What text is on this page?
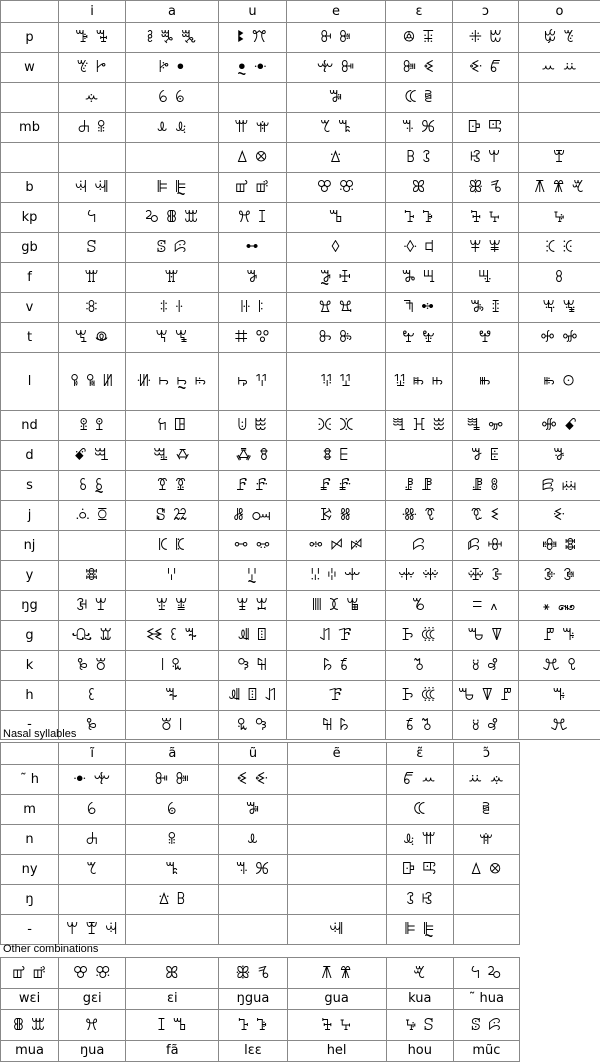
	i	a	u	e	ɛ	ɔ	o
p	ꔥ ꔦ	ꔧ ꔨ ꔩ	ꔪ ꔫ	ꔬ ꔭ	ꔮ ꔯ	ꔰ ꔱ	ꔲ ꔳ
w	ꔴ ꔵ	ꔶ ꔷ	ꔸ ꔹ	ꔺ ꔻ	ꔼ ꔽ	ꔾ ꔿ	ꕀ ꕁ
	ꕂ	ꕃ ꕄ		ꕅ	ꕆ ꕇ		
mb	ꕈ ꕉ	ꕊ ꕋ	ꕌ ꕍ	ꕎ ꕏ	ꕐ ꕑ	ꕒ ꕓ	
			ꕔ ꕕ	ꕖ	ꕗ ꕘ	ꕙ ꕚ	ꕛ
b	ꕜ ꕝ	ꕞ ꕟ	ꕠ ꕡ	ꕢ ꕣ	ꕤ	ꕥ ꕦ	ꕧ ꕨ ꕩ
kp	ꕪ	ꕫ ꕬ ꕭ	ꕮ ꕯ	ꕰ	ꕱ ꕲ	ꕳ ꕴ	ꕵ
gb	ꕶ	ꕷ ꕸ	ꕹ	ꕺ	ꕻ ꕼ	ꕽ ꕾ	ꕿ ꖀ
f	ꖁ	ꖂ	ꖃ	ꖄ ꖅ	ꖆ ꖇ	ꖈ	ꖉ
v	ꖊ	ꖋ ꖌ	ꖍ ꖎ	ꖏ ꖐ	ꖑ ꖒ	ꖓ ꖔ	ꖕ ꖖ
t	ꖗ ꖘ	ꖙ ꖚ	ꖛ ꖜ	ꖝ ꖞ	ꖟ ꖠ	ꖡ	ꖢ ꖣ
l	ꖤ ꖥ ꖦ	ꖧ ꖨ ꖩ ꖪ	ꖫ ꖬ	ꖭ ꖮ	ꖯ ꖰ ꖱ	ꖲ	ꖳ ꖴ
nd	ꖵ ꖶ	ꖷ ꖸ	ꖹ ꖺ	ꖻ ꖼ	ꖽ ꖾ ꖿ	ꗀ ꗁ	ꗂ ꗃ
d	ꗄ ꗅ	ꗆ ꗇ	ꗈ ꗉ	ꗊ ꗋ		ꗌ ꗍ	ꗎ
s	ꗏ ꗐ	ꗑ ꗒ	ꗓ ꗔ	ꗕ ꗖ	ꗗ ꗘ	ꗙ ꗚ	ꗛ ꗜ
j	ꗝ ꗞ	ꗟ ꗠ	ꗡ ꗢ	ꗣ ꗤ	ꗥ ꗦ	ꗧ ꗨ	ꗩ
nj		ꗪ ꗫ	ꗬ ꗭ	ꗮ ꗯ ꗰ	ꗱ	ꗲ ꗳ	ꗴ ꗵ
y	ꗶ	ꗷ	ꗸ	ꗹ ꗺ ꗻ	ꗼ ꗽ	ꗾ ꗿ	ꘀ ꘁ
ŋg	ꘂ ꘃ	ꘄ ꘅ	ꘆ ꘇ	ꘈ ꘉ ꘊ	ꘋ	ꘌ ꘍	꘎ ꘏
g	ꘐ ꘑ	ꘒ ꘓ ꘔ	ꘕ ꘖ	ꘗ ꘘ	ꘙ ꘚ	ꘛ ꘜ	ꘝ ꘞ
k	ꘟ ꘠	꘡ ꘢	꘣ ꘤	꘥ ꘦	꘧	꘨ ꘩	ꘪ ꘫ
h	ꘓ	ꘔ	ꘕ ꘖ ꘗ	ꘘ	ꘙ ꘚ	ꘛ ꘜ ꘝ	ꘞ
-	ꘟ	꘠ ꘡	꘢ ꘣	꘤ ꘥	꘦ ꘧	꘨ ꘩	ꘪ
Nasal syllables
	ĩ	ã	ũ	ẽ	ɛ̃	ɔ̃
˜ h	ꔹ ꔺ	ꔻ ꔼ	ꔽ ꔾ		ꔿ ꕀ	ꕁ ꕂ
m	ꕃ	ꕄ	ꕅ		ꕆ	ꕇ
n	ꕈ	ꕉ	ꕊ		ꕋ ꕌ	ꕍ
ny	ꕎ	ꕏ	ꕐ ꕑ		ꕒ ꕓ	ꕔ ꕕ
ŋ		ꕖ ꕗ			ꕘ ꕙ	
-	ꕚ ꕛ ꕜ			ꕝ	ꕞ ꕟ	
Other combinations
ꕠ ꕡ	ꕢ ꕣ	ꕤ	ꕥ ꕦ	ꕧ ꕨ	ꕩ	ꕪ ꕫ
wɛi	gɛi	ɛi	ŋgua	gua	kua	˜ hua
ꕬ ꕭ	ꕮ	ꕯ ꕰ	ꕱ ꕲ	ꕳ ꕴ	ꕵ ꕶ	ꕷ ꕸ
mua	ŋua	fã	lɛɛ	hel	hou	mũc
